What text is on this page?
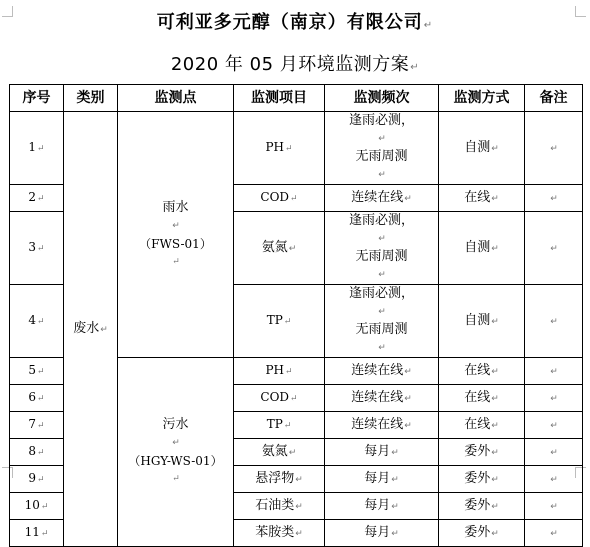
可利亚多元醇（南京）有限公司↵
2020 年 05 月环境监测方案↵
序号	类别	监测点	监测项目	监测频次	监测方式	备注
1↵	废水↵	雨水
↵
（FWS-01）
↵	PH↵	逢雨必测，
↵
无雨周测
↵	自测↵	↵
2↵			COD↵	连续在线↵	在线↵	↵
3↵			氨氮↵	逢雨必测，
↵
无雨周测
↵	自测↵	↵
4↵			TP↵	逢雨必测，
↵
无雨周测
↵	自测↵	↵
5↵		污水
↵
（HGY-WS-01）
↵	PH↵	连续在线↵	在线↵	↵
6↵			COD↵	连续在线↵	在线↵	↵
7↵			TP↵	连续在线↵	在线↵	↵
8↵			氨氮↵	每月↵	委外↵	↵
9↵			悬浮物↵	每月↵	委外↵	↵
10↵			石油类↵	每月↵	委外↵	↵
11↵			苯胺类↵	每月↵	委外↵	↵
